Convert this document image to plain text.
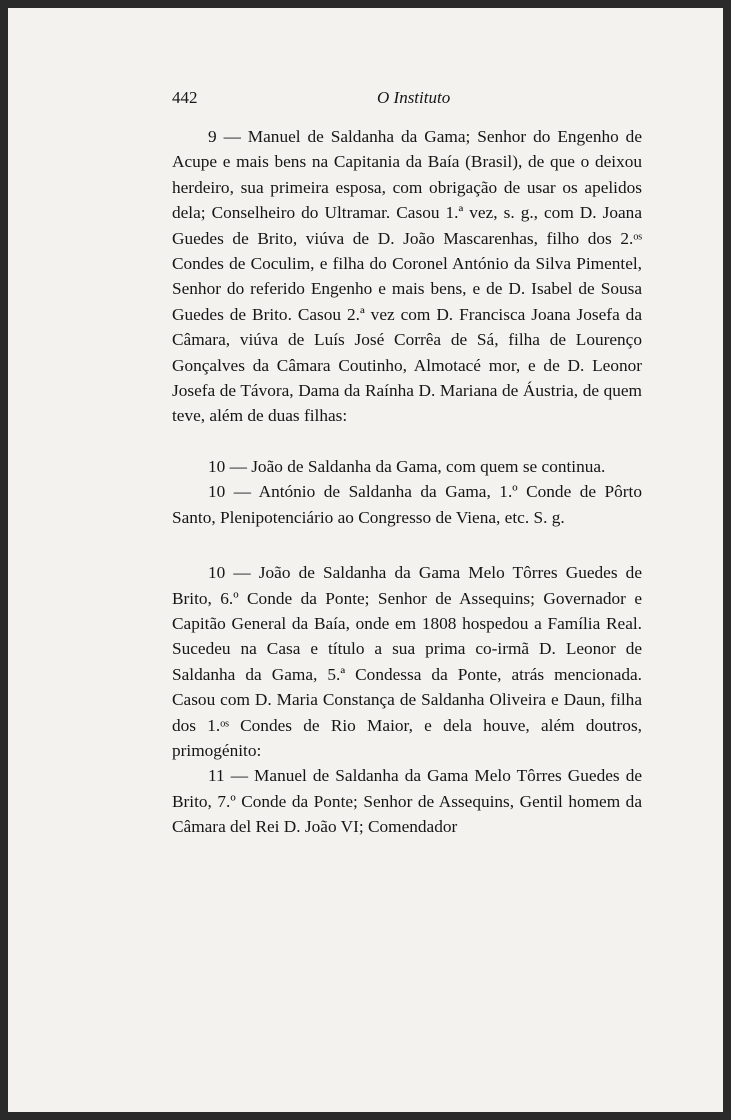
442	O Instituto

9 — Manuel de Saldanha da Gama; Senhor do Engenho de Acupe e mais bens na Capitania da Baía (Brasil), de que o deixou herdeiro, sua primeira esposa, com obrigação de usar os apelidos dela; Conselheiro do Ultramar. Casou 1.ª vez, s. g., com D. Joana Guedes de Brito, viúva de D. João Mascarenhas, filho dos 2.ᵒˢ Condes de Coculim, e filha do Coronel António da Silva Pimentel, Senhor do referido Engenho e mais bens, e de D. Isabel de Sousa Guedes de Brito. Casou 2.ª vez com D. Francisca Joana Josefa da Câmara, viúva de Luís José Corrêa de Sá, filha de Lourenço Gonçalves da Câmara Coutinho, Almotacé mor, e de D. Leonor Josefa de Távora, Dama da Raínha D. Mariana de Áustria, de quem teve, além de duas filhas:

10 — João de Saldanha da Gama, com quem se continua.

10 — António de Saldanha da Gama, 1.º Conde de Pôrto Santo, Plenipotenciário ao Congresso de Viena, etc. S. g.

10 — João de Saldanha da Gama Melo Tôrres Guedes de Brito, 6.º Conde da Ponte; Senhor de Assequins; Governador e Capitão General da Baía, onde em 1808 hospedou a Família Real. Sucedeu na Casa e título a sua prima co-irmã D. Leonor de Saldanha da Gama, 5.ª Condessa da Ponte, atrás mencionada. Casou com D. Maria Constança de Saldanha Oliveira e Daun, filha dos 1.ᵒˢ Condes de Rio Maior, e dela houve, além doutros, primogénito:

11 — Manuel de Saldanha da Gama Melo Tôrres Guedes de Brito, 7.º Conde da Ponte; Senhor de Assequins, Gentil homem da Câmara del Rei D. João VI; Comendador
